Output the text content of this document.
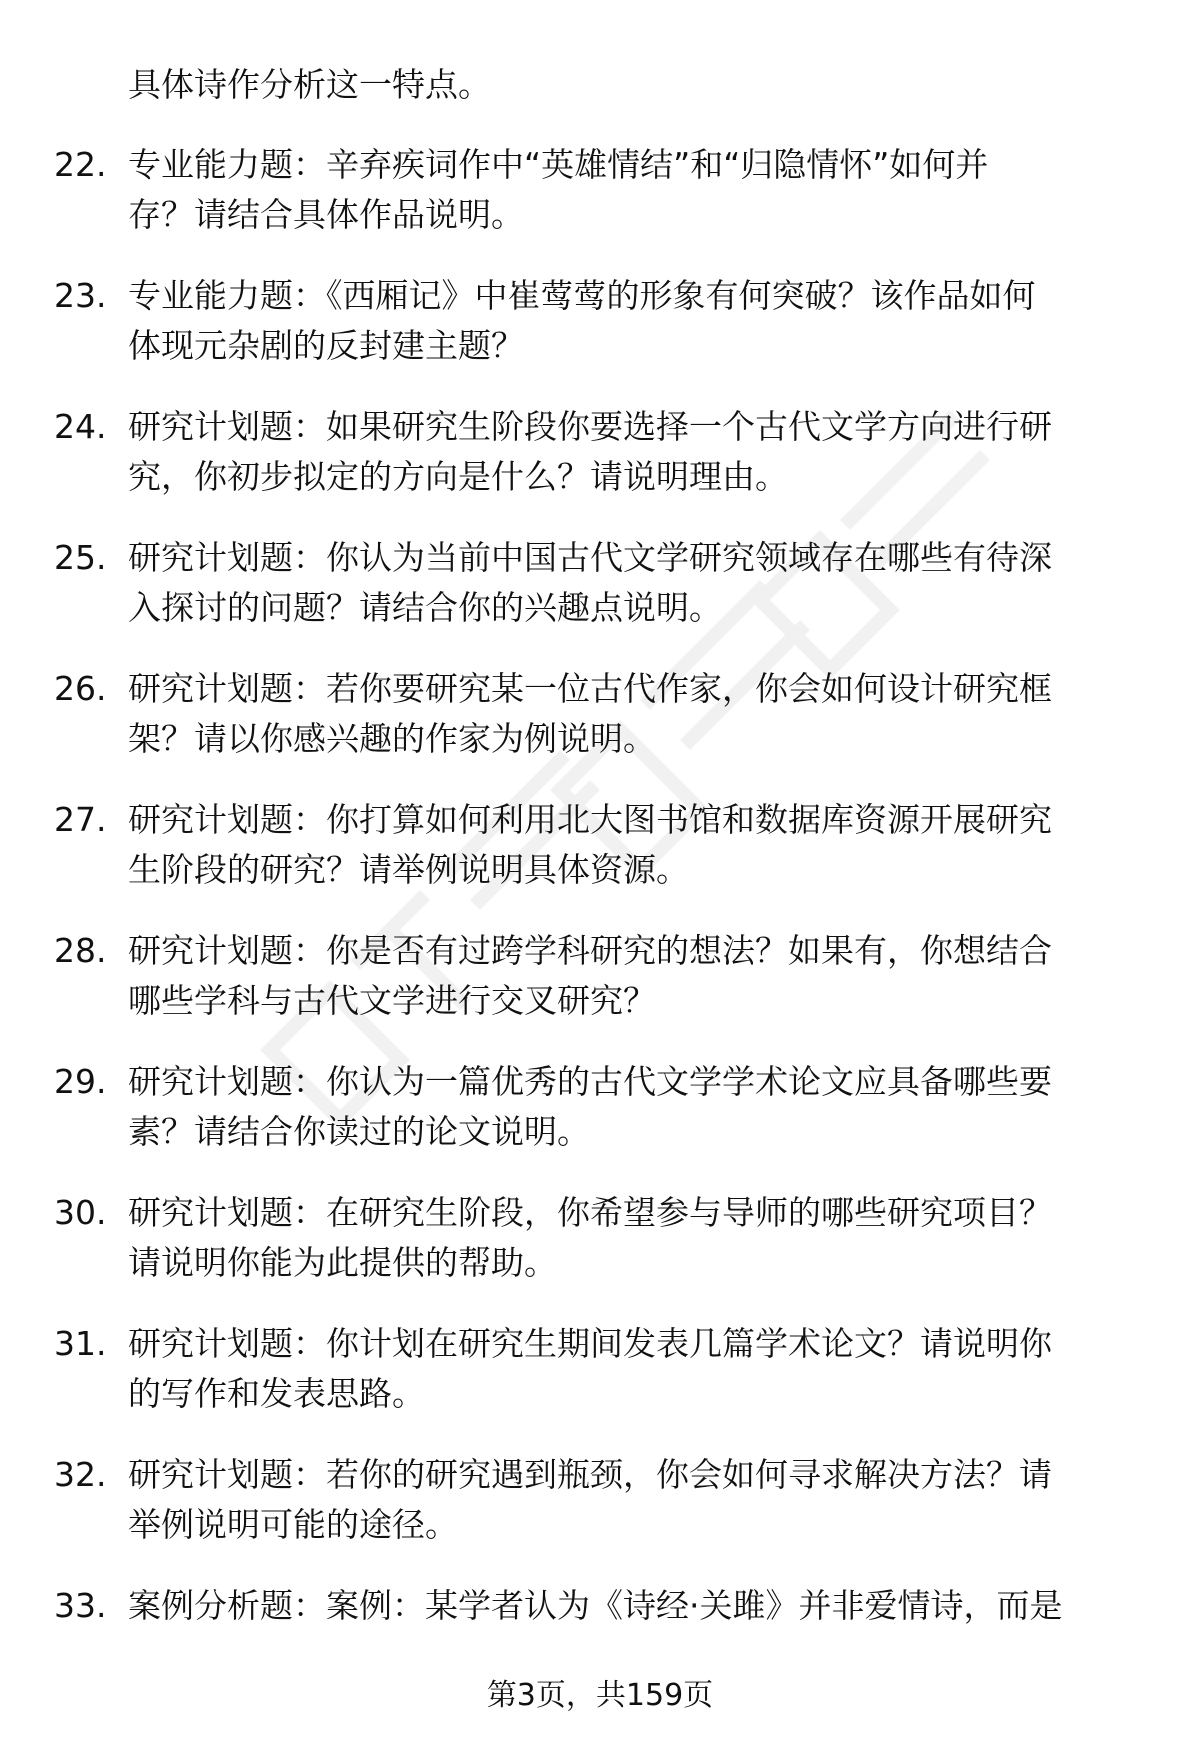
具体诗作分析这一特点。

22. 专业能力题：辛弃疾词作中“英雄情结”和“归隐情怀”如何并
存？请结合具体作品说明。
23. 专业能力题：《西厢记》中崔莺莺的形象有何突破？该作品如何
体现元杂剧的反封建主题？
24. 研究计划题：如果研究生阶段你要选择一个古代文学方向进行研
究，你初步拟定的方向是什么？请说明理由。
25. 研究计划题：你认为当前中国古代文学研究领域存在哪些有待深
入探讨的问题？请结合你的兴趣点说明。
26. 研究计划题：若你要研究某一位古代作家，你会如何设计研究框
架？请以你感兴趣的作家为例说明。
27. 研究计划题：你打算如何利用北大图书馆和数据库资源开展研究
生阶段的研究？请举例说明具体资源。
28. 研究计划题：你是否有过跨学科研究的想法？如果有，你想结合
哪些学科与古代文学进行交叉研究？
29. 研究计划题：你认为一篇优秀的古代文学学术论文应具备哪些要
素？请结合你读过的论文说明。
30. 研究计划题：在研究生阶段，你希望参与导师的哪些研究项目？
请说明你能为此提供的帮助。
31. 研究计划题：你计划在研究生期间发表几篇学术论文？请说明你
的写作和发表思路。
32. 研究计划题：若你的研究遇到瓶颈，你会如何寻求解决方法？请
举例说明可能的途径。
33. 案例分析题：案例：某学者认为《诗经·关雎》并非爱情诗，而是
第3页，共159页
